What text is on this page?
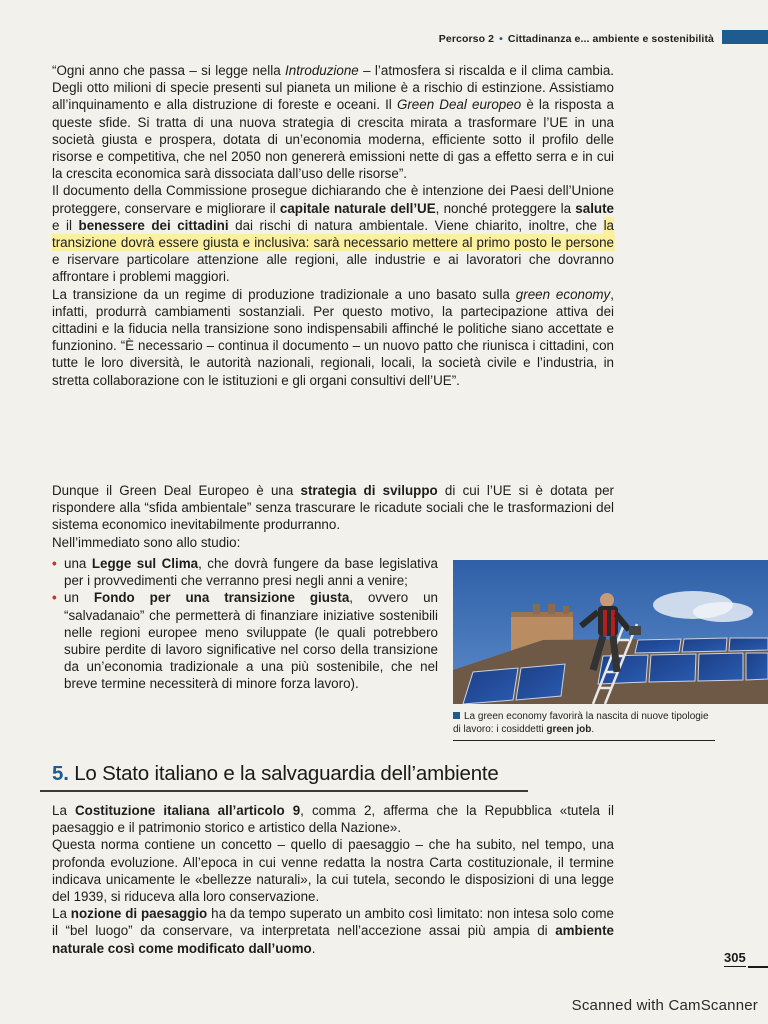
Percorso 2 • Cittadinanza e... ambiente e sostenibilità

“Ogni anno che passa – si legge nella Introduzione – l’atmosfera si riscalda e il clima cambia. Degli otto milioni di specie presenti sul pianeta un milione è a rischio di estinzione. Assistiamo all’inquinamento e alla distruzione di foreste e oceani. Il Green Deal europeo è la risposta a queste sfide. Si tratta di una nuova strategia di crescita mirata a trasformare l’UE in una società giusta e prospera, dotata di un’economia moderna, efficiente sotto il profilo delle risorse e competitiva, che nel 2050 non genererà emissioni nette di gas a effetto serra e in cui la crescita economica sarà dissociata dall’uso delle risorse”.

Il documento della Commissione prosegue dichiarando che è intenzione dei Paesi dell’Unione proteggere, conservare e migliorare il capitale naturale dell’UE, nonché proteggere la salute e il benessere dei cittadini dai rischi di natura ambientale. Viene chiarito, inoltre, che la transizione dovrà essere giusta e inclusiva: sarà necessario mettere al primo posto le persone e riservare particolare attenzione alle regioni, alle industrie e ai lavoratori che dovranno affrontare i problemi maggiori.

La transizione da un regime di produzione tradizionale a uno basato sulla green economy, infatti, produrrà cambiamenti sostanziali. Per questo motivo, la partecipazione attiva dei cittadini e la fiducia nella transizione sono indispensabili affinché le politiche siano accettate e funzionino. “È necessario – continua il documento – un nuovo patto che riunisca i cittadini, con tutte le loro diversità, le autorità nazionali, regionali, locali, la società civile e l’industria, in stretta collaborazione con le istituzioni e gli organi consultivi dell’UE”.

Dunque il Green Deal Europeo è una strategia di sviluppo di cui l’UE si è dotata per rispondere alla “sfida ambientale” senza trascurare le ricadute sociali che le trasformazioni del sistema economico inevitabilmente produrranno.

Nell’immediato sono allo studio:

• una Legge sul Clima, che dovrà fungere da base legislativa per i provvedimenti che verranno presi negli anni a venire;
• un Fondo per una transizione giusta, ovvero un “salvadanaio” che permetterà di finanziare iniziative sostenibili nelle regioni europee meno sviluppate (le quali potrebbero subire perdite di lavoro significative nel corso della transizione da un’economia tradizionale a una più sostenibile, che nel breve termine necessiterà di minore forza lavoro).
La green economy favorirà la nascita di nuove tipologie di lavoro: i cosiddetti green job.
5. Lo Stato italiano e la salvaguardia dell’ambiente

La Costituzione italiana all’articolo 9, comma 2, afferma che la Repubblica «tutela il paesaggio e il patrimonio storico e artistico della Nazione».

Questa norma contiene un concetto – quello di paesaggio – che ha subito, nel tempo, una profonda evoluzione. All’epoca in cui venne redatta la nostra Carta costituzionale, il termine indicava unicamente le «bellezze naturali», la cui tutela, secondo le disposizioni di una legge del 1939, si riduceva alla loro conservazione.

La nozione di paesaggio ha da tempo superato un ambito così limitato: non intesa solo come il “bel luogo” da conservare, va interpretata nell’accezione assai più ampia di ambiente naturale così come modificato dall’uomo.

305
Scanned with CamScanner
